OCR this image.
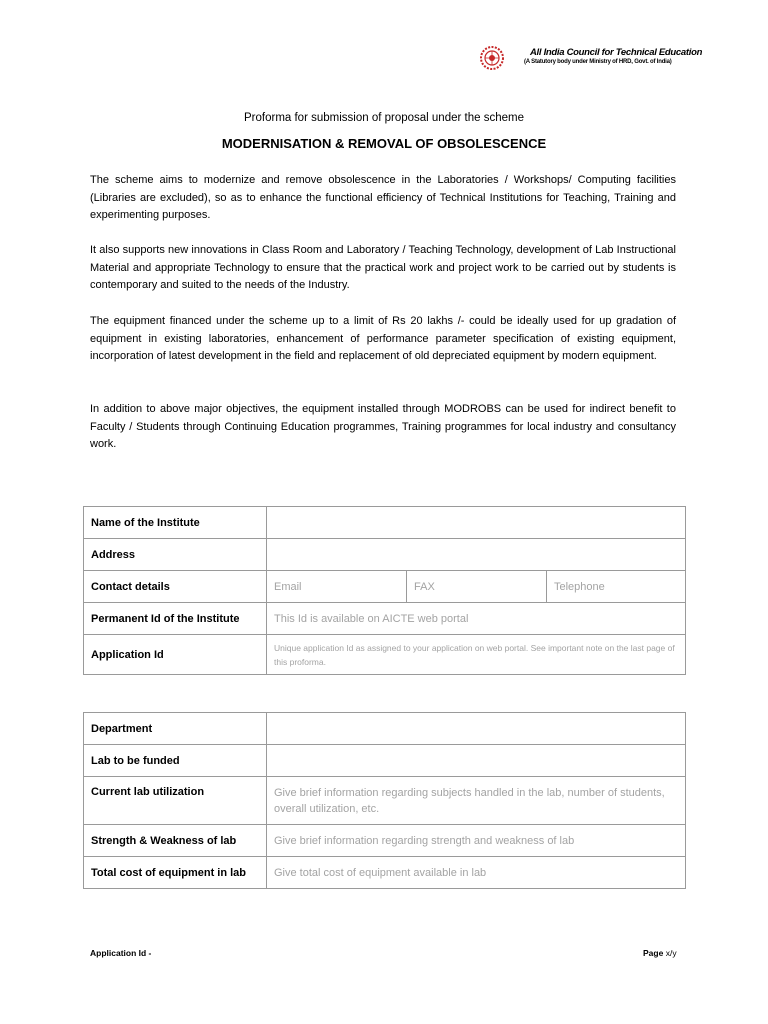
All India Council for Technical Education
(A Statutory body under Ministry of HRD, Govt. of India)
Proforma for submission of proposal under the scheme
MODERNISATION & REMOVAL OF OBSOLESCENCE

The scheme aims to modernize and remove obsolescence in the Laboratories / Workshops/ Computing facilities (Libraries are excluded), so as to enhance the functional efficiency of Technical Institutions for Teaching, Training and experimenting purposes.

It also supports new innovations in Class Room and Laboratory / Teaching Technology, development of Lab Instructional Material and appropriate Technology to ensure that the practical work and project work to be carried out by students is contemporary and suited to the needs of the Industry.

The equipment financed under the scheme up to a limit of Rs 20 lakhs /- could be ideally used for up gradation of equipment in existing laboratories, enhancement of performance parameter specification of existing equipment, incorporation of latest development in the field and replacement of old depreciated equipment by modern equipment.

In addition to above major objectives, the equipment installed through MODROBS can be used for indirect benefit to Faculty / Students through Continuing Education programmes, Training programmes for local industry and consultancy work.

Name of the Institute			
Address			
Contact details	Email	FAX	Telephone
Permanent Id of the Institute	This Id is available on AICTE web portal		
Application Id	Unique application Id as assigned to your application on web portal. See important note on the last page of this proforma.		
Department	
Lab to be funded	
Current lab utilization	Give brief information regarding subjects handled in the lab, number of students, overall utilization, etc.
Strength & Weakness of lab	Give brief information regarding strength and weakness of lab
Total cost of equipment in lab	Give total cost of equipment available in lab
Application Id -	Page x/y
